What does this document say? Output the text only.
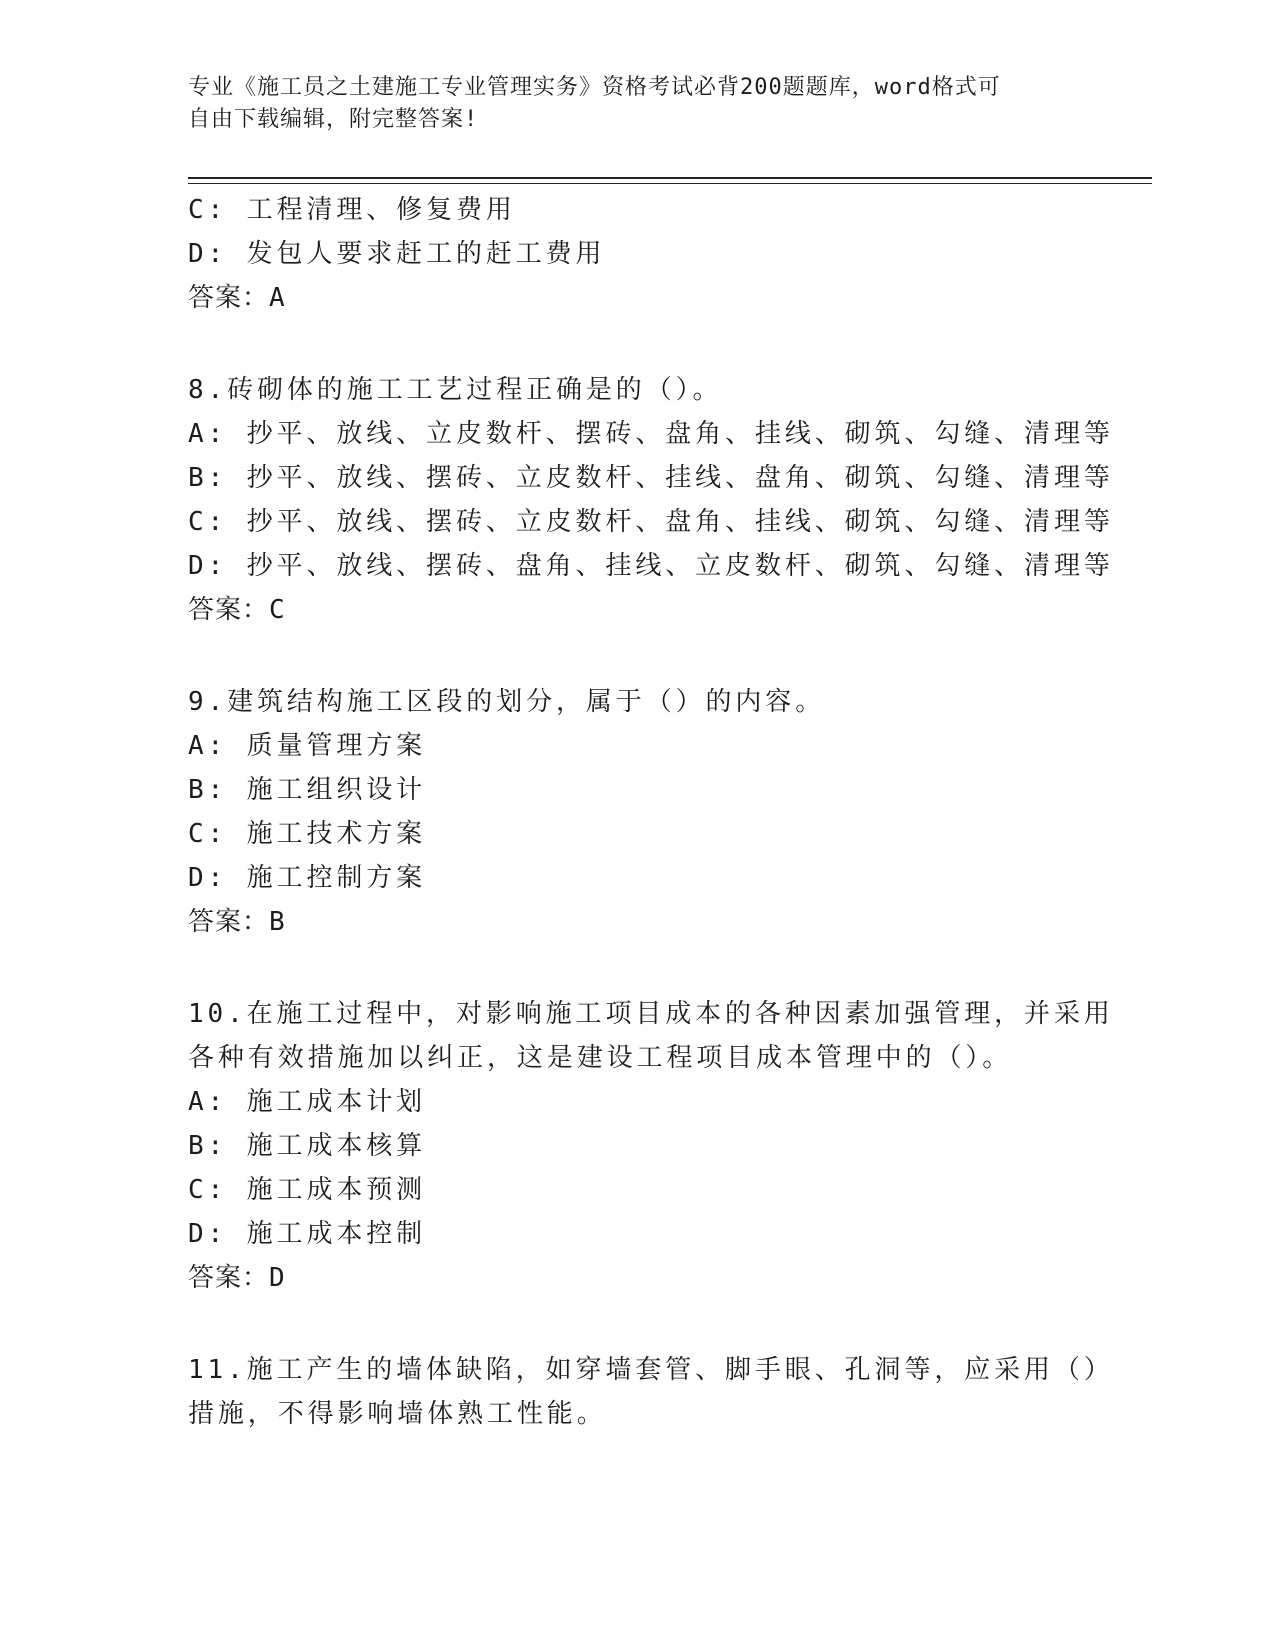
专业《施工员之土建施工专业管理实务》资格考试必背200题题库，word格式可
自由下载编辑，附完整答案!
C: 工程清理、修复费用
D: 发包人要求赶工的赶工费用
答案：A
8.砖砌体的施工工艺过程正确是的（）。
A: 抄平、放线、立皮数杆、摆砖、盘角、挂线、砌筑、勾缝、清理等
B: 抄平、放线、摆砖、立皮数杆、挂线、盘角、砌筑、勾缝、清理等
C: 抄平、放线、摆砖、立皮数杆、盘角、挂线、砌筑、勾缝、清理等
D: 抄平、放线、摆砖、盘角、挂线、立皮数杆、砌筑、勾缝、清理等
答案：C
9.建筑结构施工区段的划分，属于（）的内容。
A: 质量管理方案
B: 施工组织设计
C: 施工技术方案
D: 施工控制方案
答案：B
10.在施工过程中，对影响施工项目成本的各种因素加强管理，并采用
各种有效措施加以纠正，这是建设工程项目成本管理中的（）。
A: 施工成本计划
B: 施工成本核算
C: 施工成本预测
D: 施工成本控制
答案：D
11.施工产生的墙体缺陷，如穿墙套管、脚手眼、孔洞等，应采用（）
措施，不得影响墙体熟工性能。
